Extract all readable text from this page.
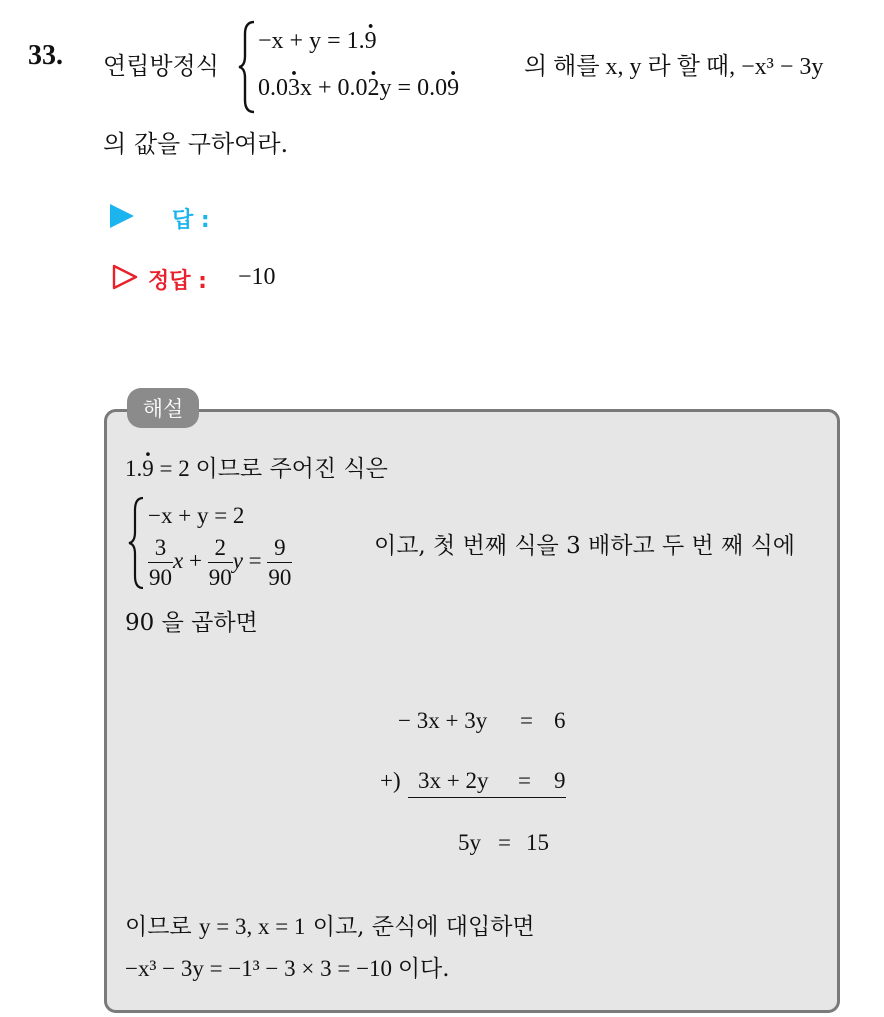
33. 연립방정식
−x + y = 1.· 9
0.0· 3x + 0.0· 2y = 0.0· 9
의 해를 x, y 라 할 때, −x³ − 3y
의 값을 구하여라.
답 :
정답 : −10
해설
1.· 9 = 2 이므로 주어진 식은
−x + y = 2
$\frac{3}{90}$ $x + \frac{2}{90}$ $y = \frac{9}{90}$	이고, 첫 번째 식을 3 배하고 두 번 째 식에
90 을 곱하면
− 3x + 3y = 6
+) 3x + 2y = 9
5y = 15
이므로 y = 3, x = 1 이고, 준식에 대입하면
−x³ − 3y = −1³ − 3 × 3 = −10 이다.
